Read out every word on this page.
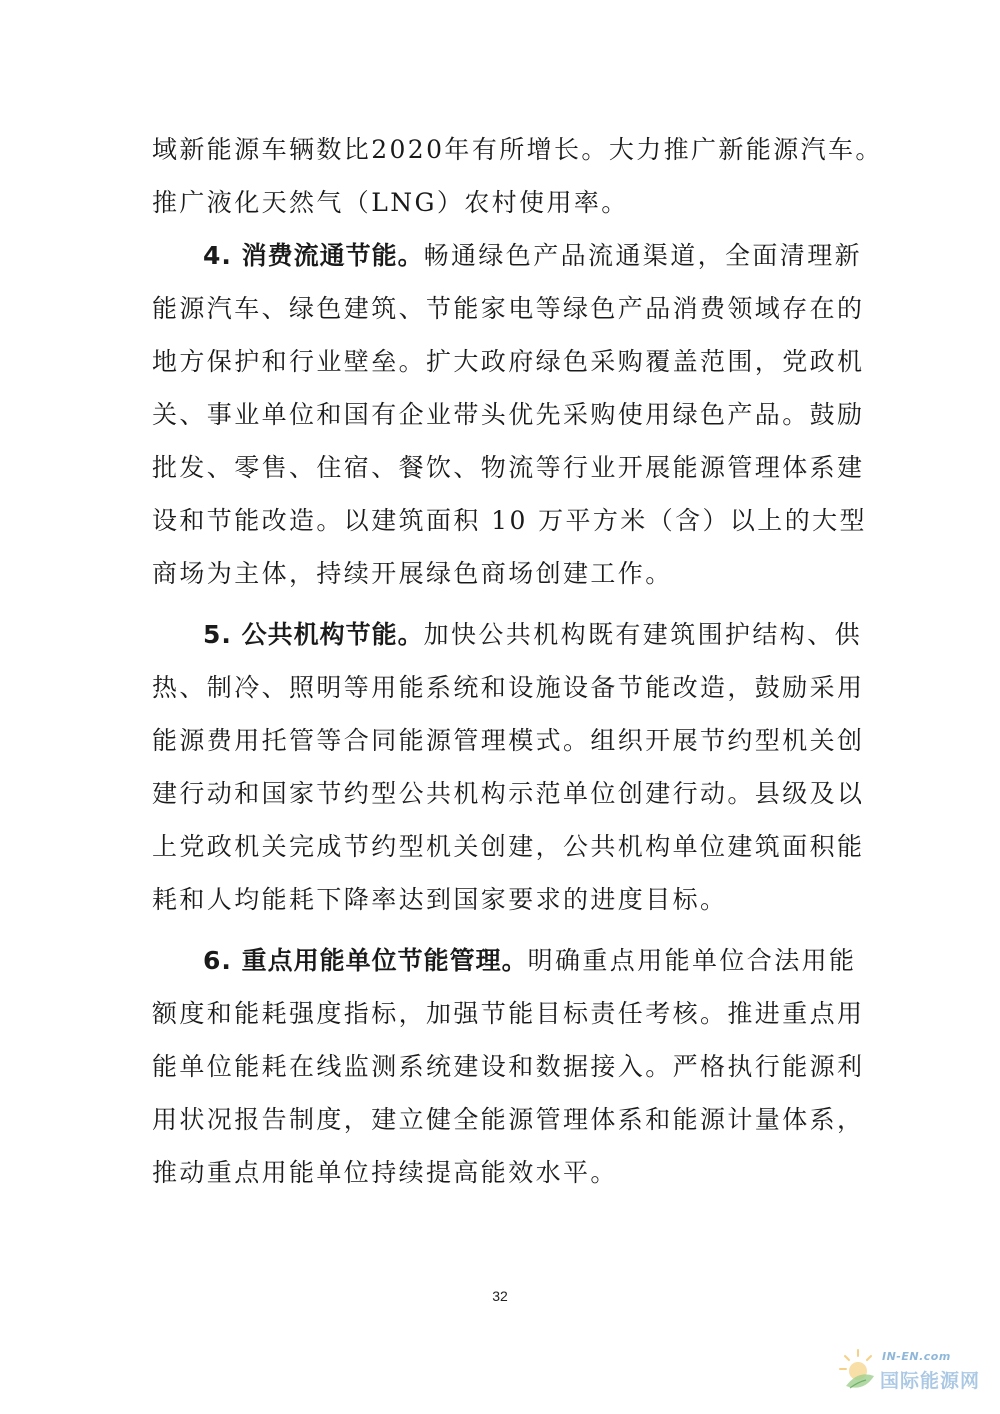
域新能源车辆数比2020年有所增长。大力推广新能源汽车。
推广液化天然气（LNG）农村使用率。
4. 消费流通节能。畅通绿色产品流通渠道，全面清理新
能源汽车、绿色建筑、节能家电等绿色产品消费领域存在的
地方保护和行业壁垒。扩大政府绿色采购覆盖范围，党政机
关、事业单位和国有企业带头优先采购使用绿色产品。鼓励
批发、零售、住宿、餐饮、物流等行业开展能源管理体系建
设和节能改造。以建筑面积 10 万平方米（含）以上的大型
商场为主体，持续开展绿色商场创建工作。
5. 公共机构节能。加快公共机构既有建筑围护结构、供
热、制冷、照明等用能系统和设施设备节能改造，鼓励采用
能源费用托管等合同能源管理模式。组织开展节约型机关创
建行动和国家节约型公共机构示范单位创建行动。县级及以
上党政机关完成节约型机关创建，公共机构单位建筑面积能
耗和人均能耗下降率达到国家要求的进度目标。
6. 重点用能单位节能管理。明确重点用能单位合法用能
额度和能耗强度指标，加强节能目标责任考核。推进重点用
能单位能耗在线监测系统建设和数据接入。严格执行能源利
用状况报告制度，建立健全能源管理体系和能源计量体系，
推动重点用能单位持续提高能效水平。
32
IN-EN.com
国际能源网
